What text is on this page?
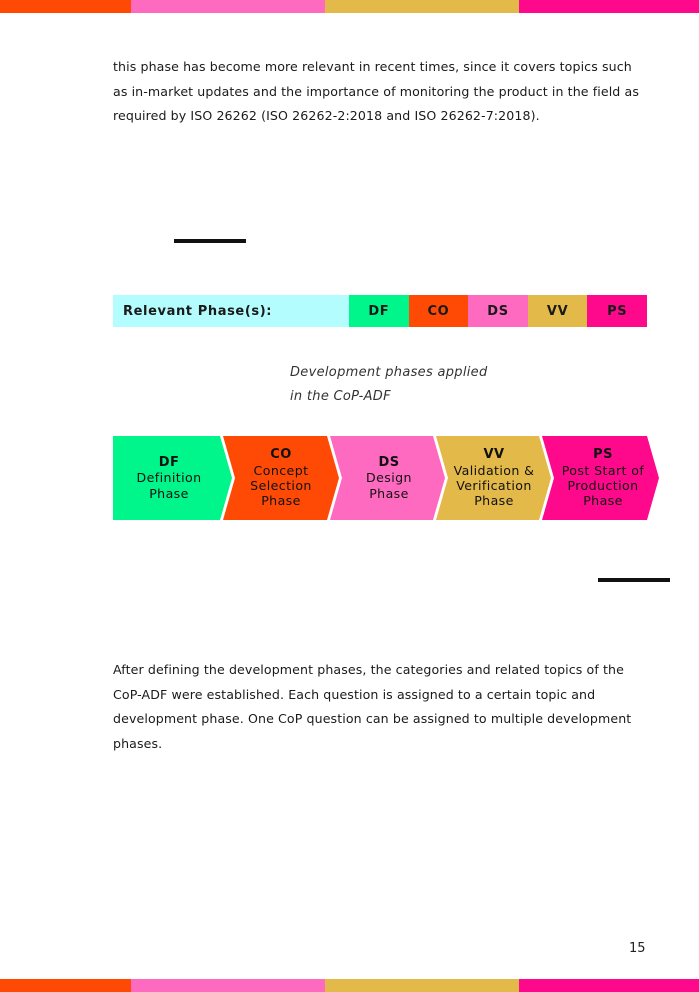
this phase has become more relevant in recent times, since it covers topics such as in-market updates and the importance of monitoring the product in the field as required by ISO 26262 (ISO 26262-2:2018 and ISO 26262-7:2018).

Relevant Phase(s):	DF	CO	DS	VV	PS
Development phases applied
in the CoP-ADF
DF
Definition
Phase
CO
Concept
Selection
Phase
DS
Design
Phase
VV
Validation &
Verification
Phase
PS
Post Start of
Production
Phase

After defining the development phases, the categories and related topics of the CoP-ADF were established. Each question is assigned to a certain topic and development phase. One CoP question can be assigned to multiple development phases.

15
